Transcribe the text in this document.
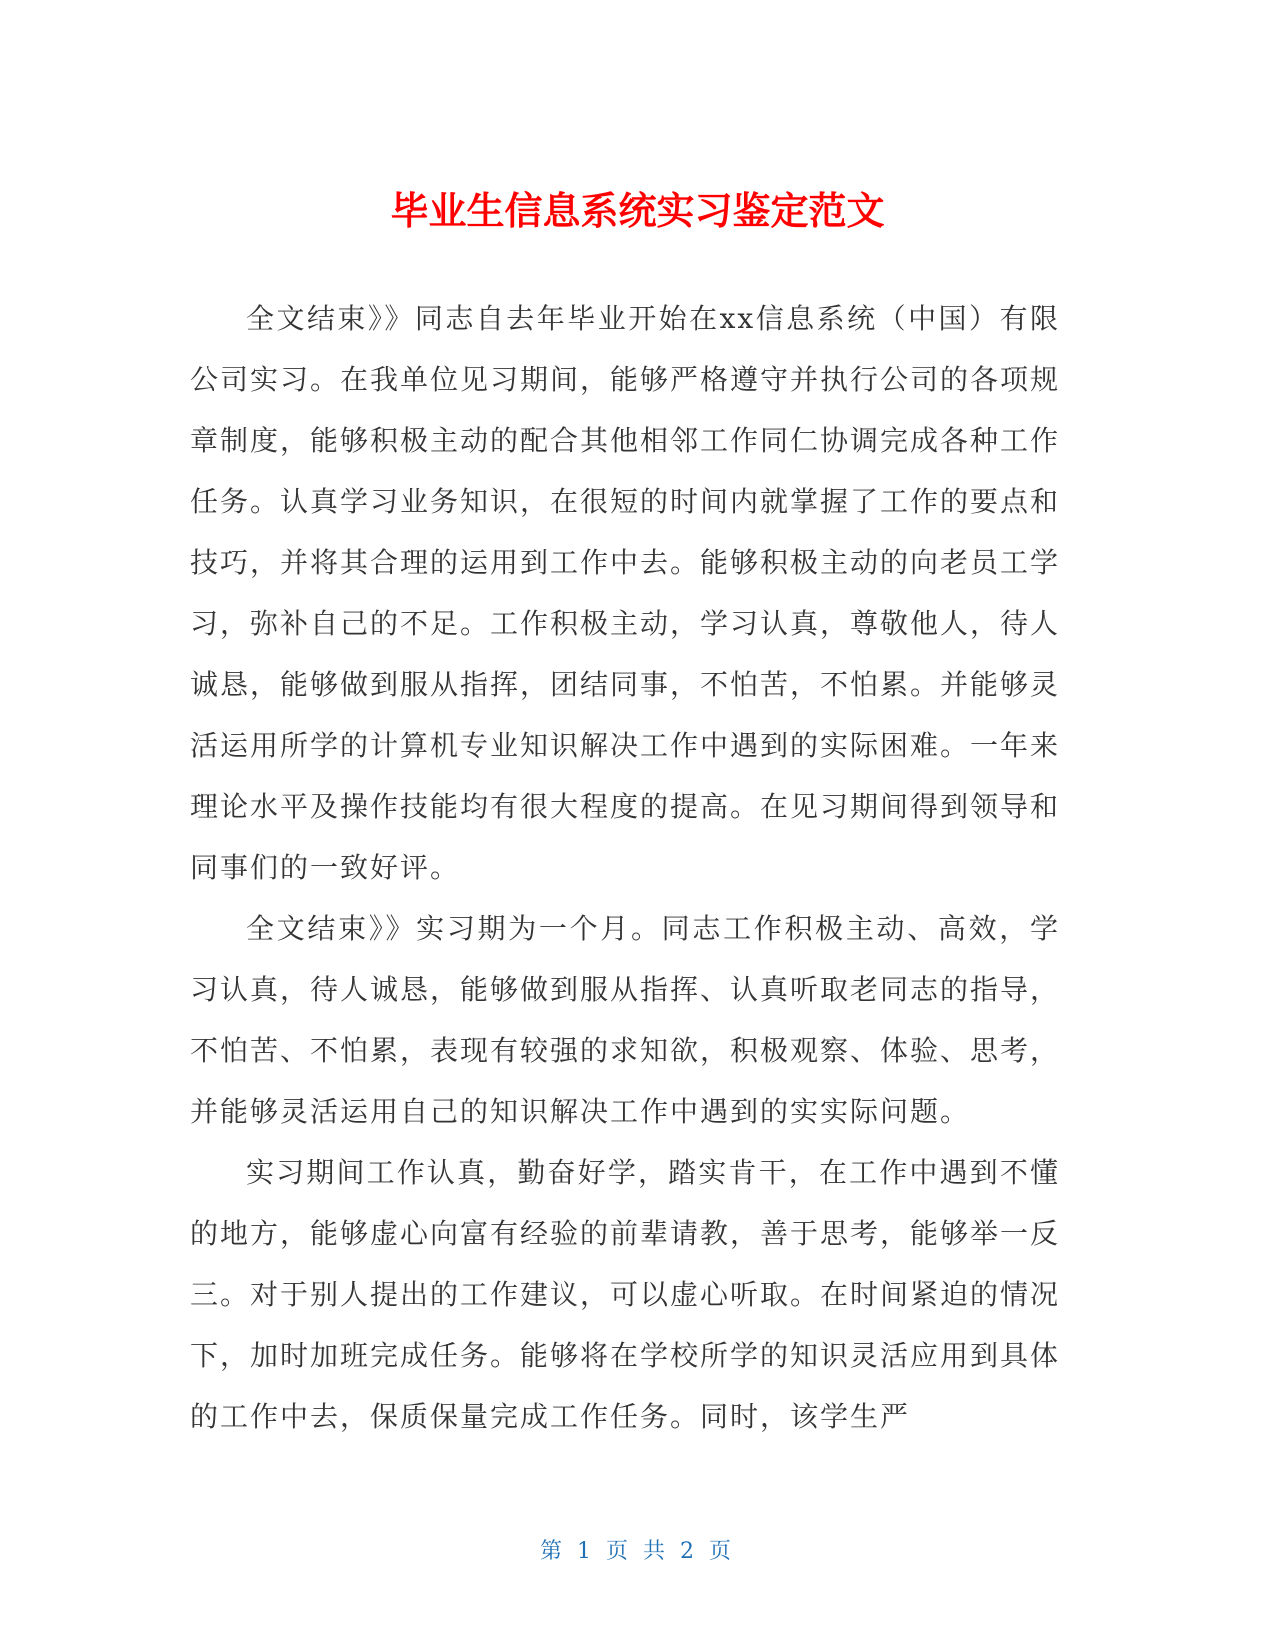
毕业生信息系统实习鉴定范文

全文结束》》同志自去年毕业开始在xx信息系统（中国）有限公司实习。在我单位见习期间，能够严格遵守并执行公司的各项规章制度，能够积极主动的配合其他相邻工作同仁协调完成各种工作任务。认真学习业务知识，在很短的时间内就掌握了工作的要点和技巧，并将其合理的运用到工作中去。能够积极主动的向老员工学习，弥补自己的不足。工作积极主动，学习认真，尊敬他人，待人诚恳，能够做到服从指挥，团结同事，不怕苦，不怕累。并能够灵活运用所学的计算机专业知识解决工作中遇到的实际困难。一年来理论水平及操作技能均有很大程度的提高。在见习期间得到领导和同事们的一致好评。

全文结束》》实习期为一个月。同志工作积极主动、高效，学习认真，待人诚恳，能够做到服从指挥、认真听取老同志的指导，不怕苦、不怕累，表现有较强的求知欲，积极观察、体验、思考，并能够灵活运用自己的知识解决工作中遇到的实实际问题。

实习期间工作认真，勤奋好学，踏实肯干，在工作中遇到不懂的地方，能够虚心向富有经验的前辈请教，善于思考，能够举一反三。对于别人提出的工作建议，可以虚心听取。在时间紧迫的情况下，加时加班完成任务。能够将在学校所学的知识灵活应用到具体的工作中去，保质保量完成工作任务。同时，该学生严

第 1 页 共 2 页
